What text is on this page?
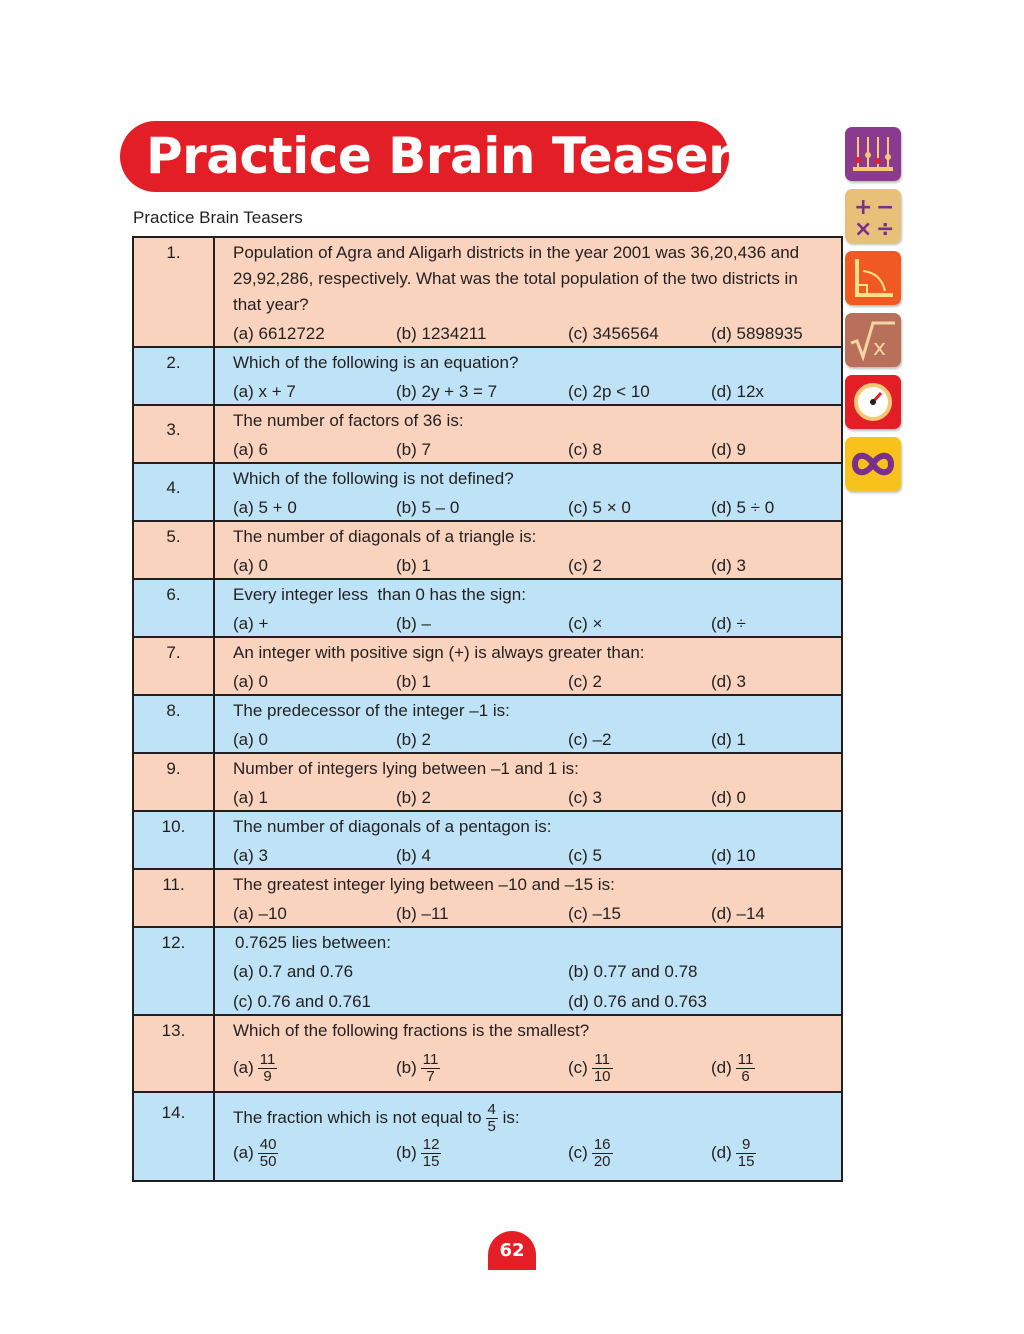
Practice Brain Teasers
Practice Brain Teasers	+ −
× ÷
x
1.	Population of Agra and Aligarh districts in the year 2001 was 36,20,436 and
29,92,286, respectively. What was the total population of the two districts in
that year?
(a) 6612722	(b) 1234211	(c) 3456564	(d) 5898935
2.	Which of the following is an equation?
(a) x + 7	(b) 2y + 3 = 7	(c) 2p < 10	(d) 12x
3.	The number of factors of 36 is:
(a) 6	(b) 7	(c) 8	(d) 9
4.	Which of the following is not defined?
(a) 5 + 0	(b) 5 – 0	(c) 5 × 0	(d) 5 ÷ 0
5.	The number of diagonals of a triangle is:
(a) 0	(b) 1	(c) 2	(d) 3
6.	Every integer less  than 0 has the sign:
(a) +	(b) –	(c) ×	(d) ÷
7.	An integer with positive sign (+) is always greater than:
(a) 0	(b) 1	(c) 2	(d) 3
8.	The predecessor of the integer –1 is:
(a) 0	(b) 2	(c) –2	(d) 1
9.	Number of integers lying between –1 and 1 is:
(a) 1	(b) 2	(c) 3	(d) 0
10.	The number of diagonals of a pentagon is:
(a) 3	(b) 4	(c) 5	(d) 10
11.	The greatest integer lying between –10 and –15 is:
(a) –10	(b) –11	(c) –15	(d) –14
12.	0.7625 lies between:
(a) 0.7 and 0.76	(b) 0.77 and 0.78
(c) 0.76 and 0.761	(d) 0.76 and 0.763
13.	Which of the following fractions is the smallest?
$(a) \frac{11}{9}$	$(b) \frac{11}{7}$	$(c) \frac{11}{10}$	$(d) \frac{11}{6}$
14.	The fraction which is not equal to $\frac{4}{5}$ is:
$(a) \frac{40}{50}$	$(b) \frac{12}{15}$	$(c) \frac{16}{20}$	$(d) \frac{9}{15}$
62
